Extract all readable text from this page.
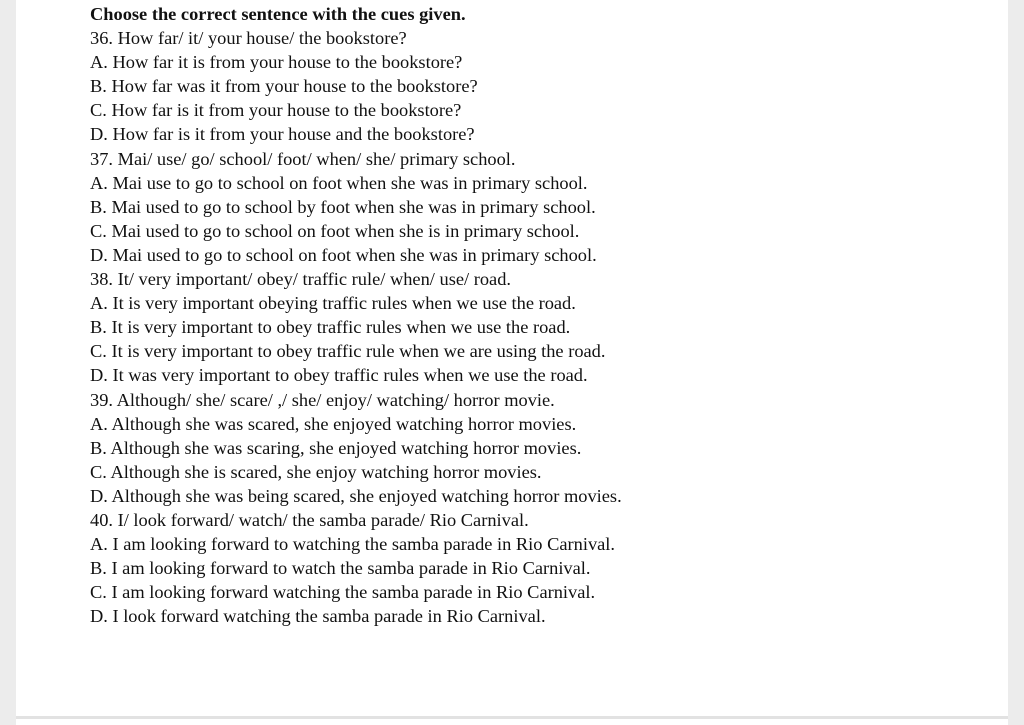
Choose the correct sentence with the cues given.

36. How far/ it/ your house/ the bookstore?

A. How far it is from your house to the bookstore?

B. How far was it from your house to the bookstore?

C. How far is it from your house to the bookstore?

D. How far is it from your house and the bookstore?

37. Mai/ use/ go/ school/ foot/ when/ she/ primary school.

A. Mai use to go to school on foot when she was in primary school.

B. Mai used to go to school by foot when she was in primary school.

C. Mai used to go to school on foot when she is in primary school.

D. Mai used to go to school on foot when she was in primary school.

38. It/ very important/ obey/ traffic rule/ when/ use/ road.

A. It is very important obeying traffic rules when we use the road.

B. It is very important to obey traffic rules when we use the road.

C. It is very important to obey traffic rule when we are using the road.

D. It was very important to obey traffic rules when we use the road.

39. Although/ she/ scare/ ,/ she/ enjoy/ watching/ horror movie.

A. Although she was scared, she enjoyed watching horror movies.

B. Although she was scaring, she enjoyed watching horror movies.

C. Although she is scared, she enjoy watching horror movies.

D. Although she was being scared, she enjoyed watching horror movies.

40. I/ look forward/ watch/ the samba parade/ Rio Carnival.

A. I am looking forward to watching the samba parade in Rio Carnival.

B. I am looking forward to watch the samba parade in Rio Carnival.

C. I am looking forward watching the samba parade in Rio Carnival.

D. I look forward watching the samba parade in Rio Carnival.
